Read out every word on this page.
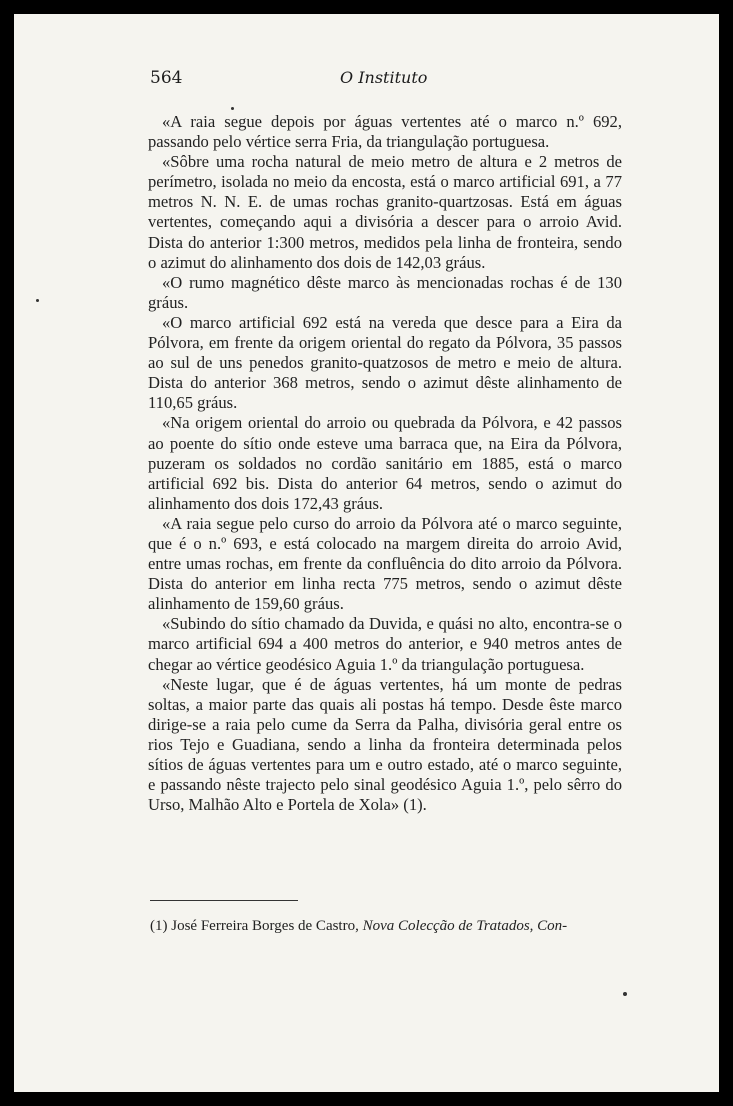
564	O Instituto

«A raia segue depois por águas vertentes até o marco n.º 692, passando pelo vértice serra Fria, da triangulação portuguesa.

«Sôbre uma rocha natural de meio metro de altura e 2 metros de perímetro, isolada no meio da encosta, está o marco artificial 691, a 77 metros N. N. E. de umas rochas granito-quartzosas. Está em águas vertentes, começando aqui a divisória a descer para o arroio Avid. Dista do anterior 1:300 metros, medidos pela linha de fronteira, sendo o azimut do alinhamento dos dois de 142,03 gráus.

«O rumo magnético dêste marco às mencionadas rochas é de 130 gráus.

«O marco artificial 692 está na vereda que desce para a Eira da Pólvora, em frente da origem oriental do regato da Pólvora, 35 passos ao sul de uns penedos granito-quatzosos de metro e meio de altura. Dista do anterior 368 metros, sendo o azimut dêste alinhamento de 110,65 gráus.

«Na origem oriental do arroio ou quebrada da Pólvora, e 42 passos ao poente do sítio onde esteve uma barraca que, na Eira da Pólvora, puzeram os soldados no cordão sanitário em 1885, está o marco artificial 692 bis. Dista do anterior 64 metros, sendo o azimut do alinhamento dos dois 172,43 gráus.

«A raia segue pelo curso do arroio da Pólvora até o marco seguinte, que é o n.º 693, e está colocado na margem direita do arroio Avid, entre umas rochas, em frente da confluência do dito arroio da Pólvora. Dista do anterior em linha recta 775 metros, sendo o azimut dêste alinhamento de 159,60 gráus.

«Subindo do sítio chamado da Duvida, e quási no alto, encontra-se o marco artificial 694 a 400 metros do anterior, e 940 metros antes de chegar ao vértice geodésico Aguia 1.º da triangulação portuguesa.

«Neste lugar, que é de águas vertentes, há um monte de pedras soltas, a maior parte das quais ali postas há tempo. Desde êste marco dirige-se a raia pelo cume da Serra da Palha, divisória geral entre os rios Tejo e Guadiana, sendo a linha da fronteira determinada pelos sítios de águas vertentes para um e outro estado, até o marco seguinte, e passando nêste trajecto pelo sinal geodésico Aguia 1.º, pelo sêrro do Urso, Malhão Alto e Portela de Xola» (1).

(1) José Ferreira Borges de Castro, Nova Colecção de Tratados, Con-
